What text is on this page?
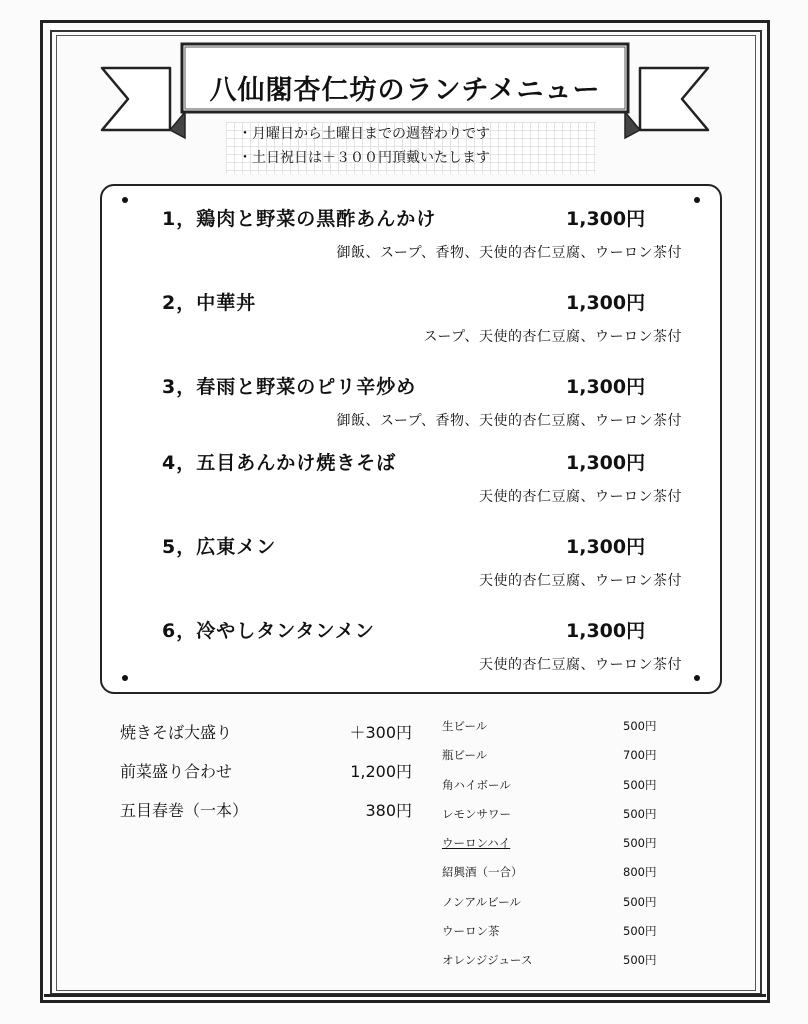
八仙閣杏仁坊のランチメニュー
・月曜日から土曜日までの週替わりです
・土日祝日は＋３００円頂戴いたします
1，鶏肉と野菜の黒酢あんかけ	1,300円
御飯、スープ、香物、天使的杏仁豆腐、ウーロン茶付
2，中華丼	1,300円
スープ、天使的杏仁豆腐、ウーロン茶付
3，春雨と野菜のピリ辛炒め	1,300円
御飯、スープ、香物、天使的杏仁豆腐、ウーロン茶付
4，五目あんかけ焼きそば	1,300円
天使的杏仁豆腐、ウーロン茶付
5，広東メン	1,300円
天使的杏仁豆腐、ウーロン茶付
6，冷やしタンタンメン	1,300円
天使的杏仁豆腐、ウーロン茶付
焼きそば大盛り	＋300円
前菜盛り合わせ	1,200円
五目春巻（一本）	380円
生ビール	500円
瓶ビール	700円
角ハイボール	500円
レモンサワー	500円
ウーロンハイ	500円
紹興酒（一合）	800円
ノンアルビール	500円
ウーロン茶	500円
オレンジジュース	500円
